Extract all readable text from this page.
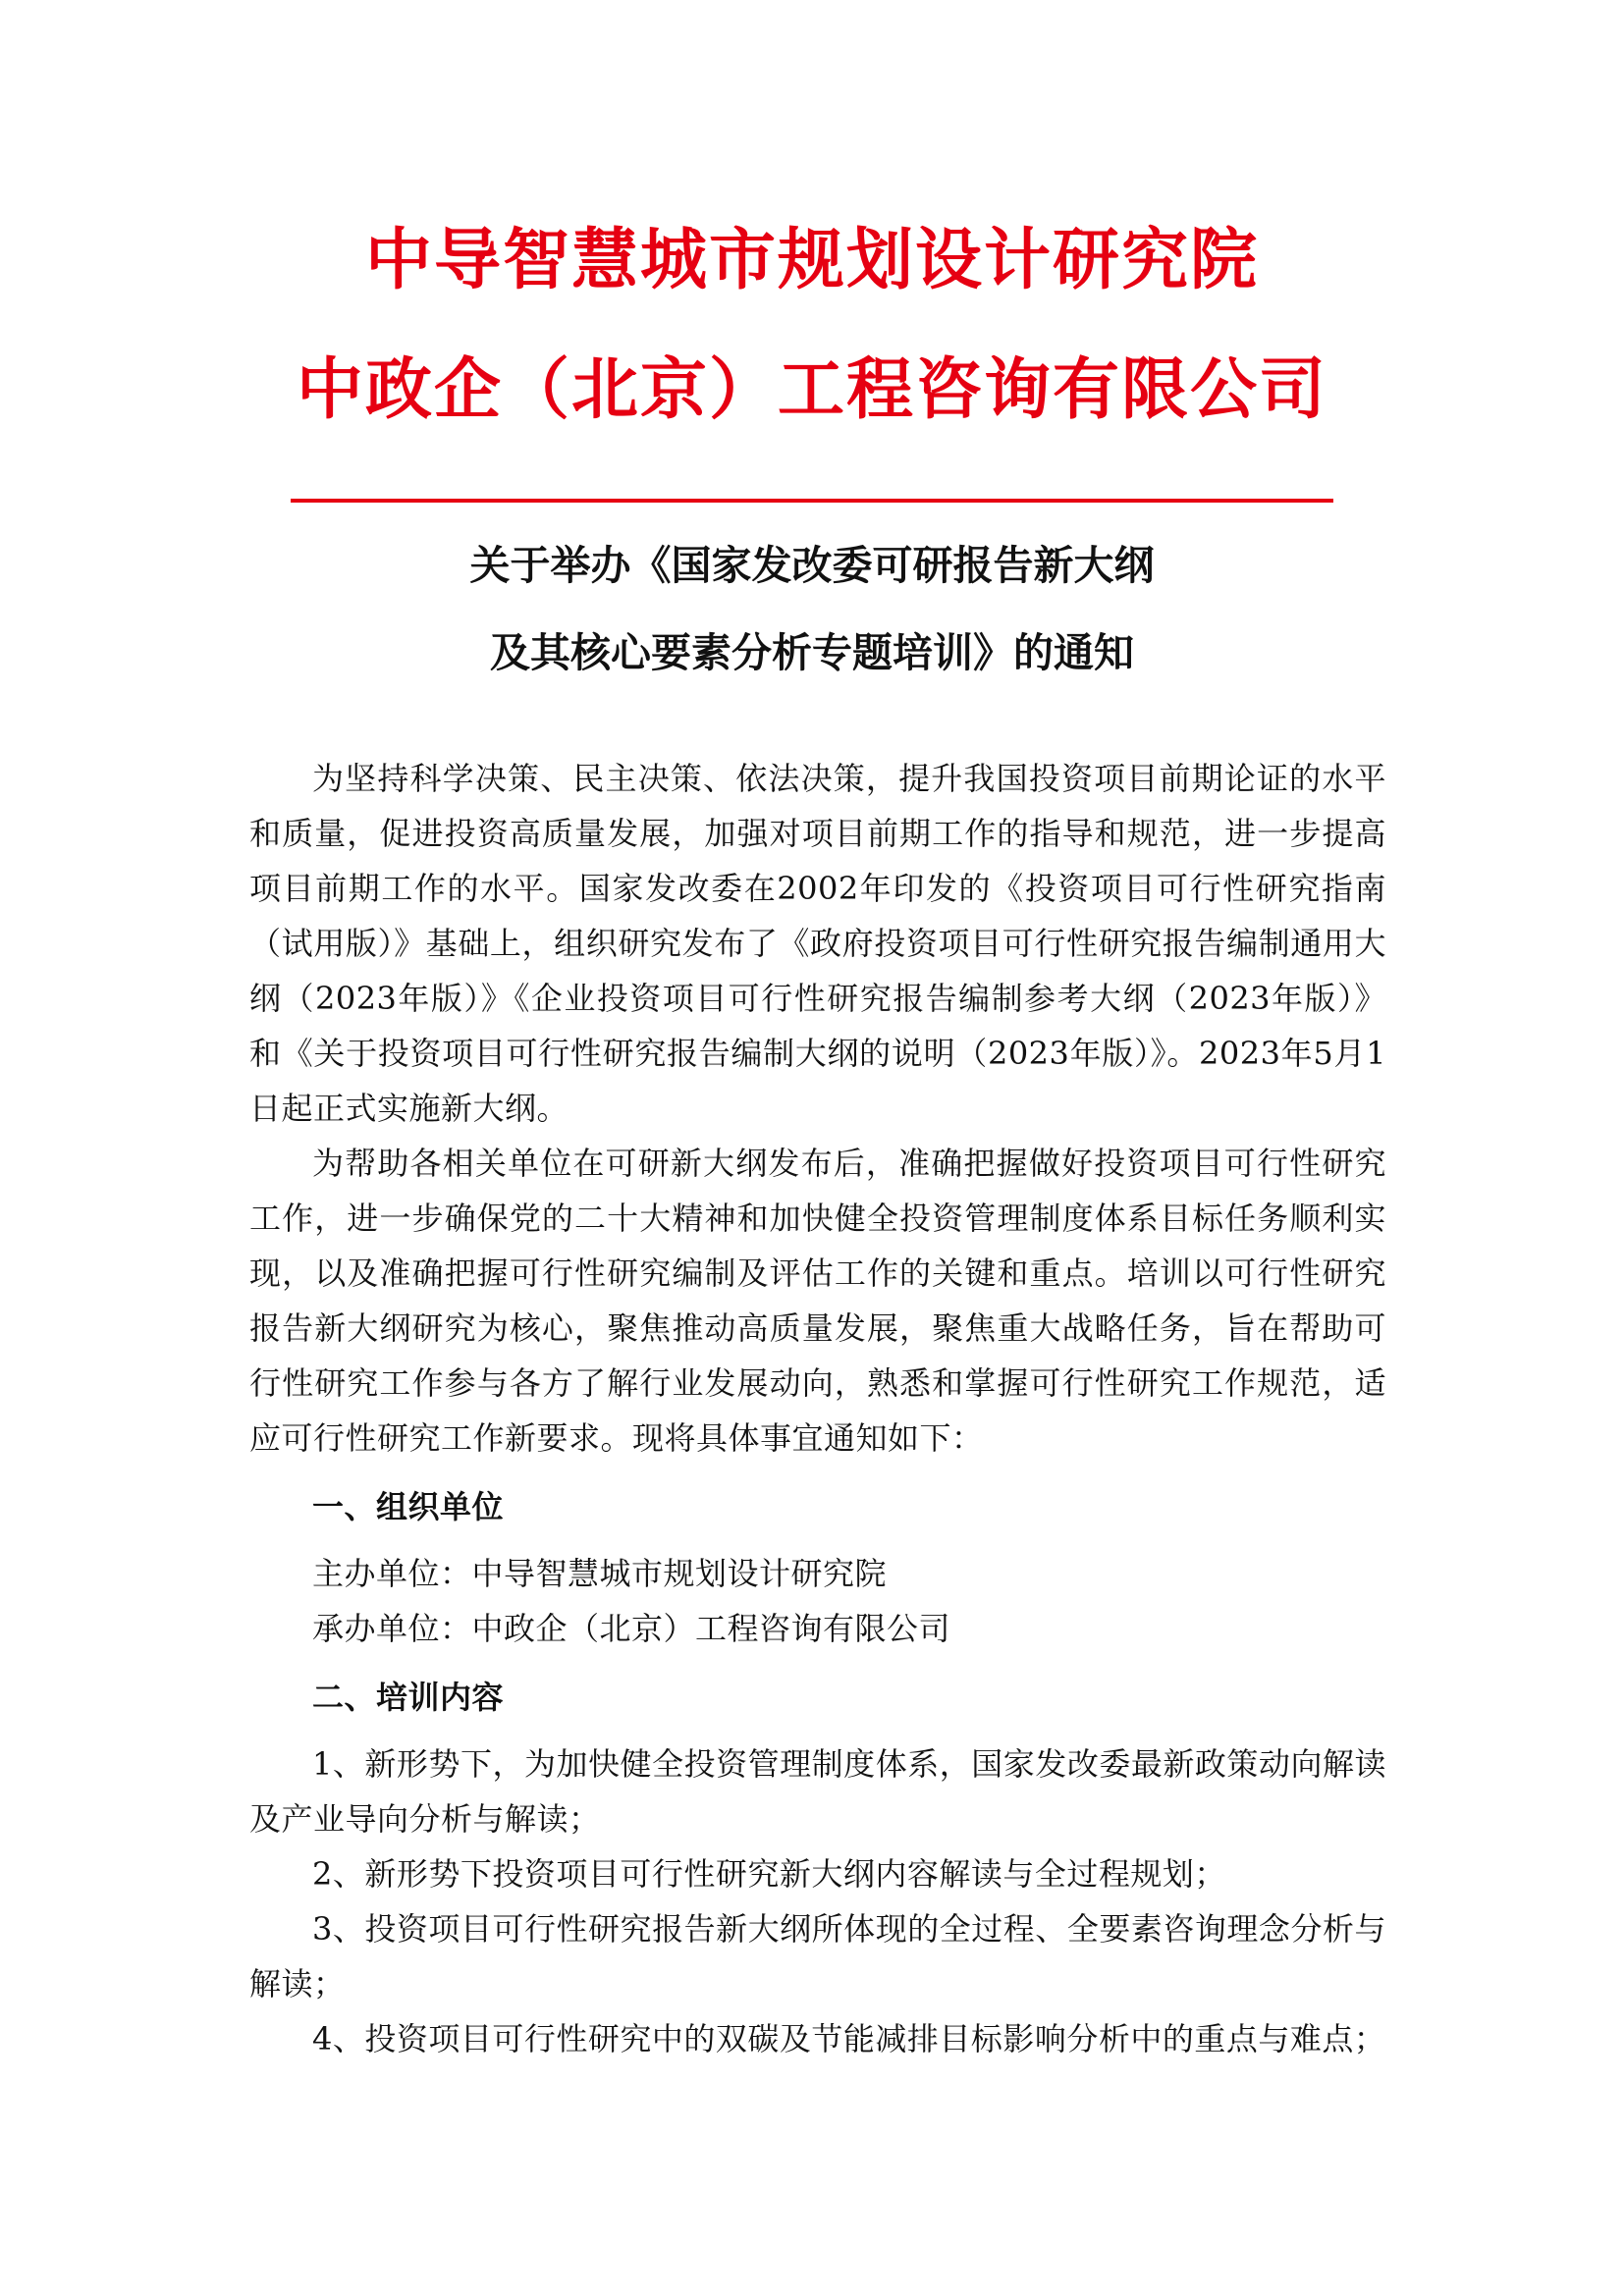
中导智慧城市规划设计研究院
中政企（北京）工程咨询有限公司
关于举办《国家发改委可研报告新大纲
及其核心要素分析专题培训》的通知

为坚持科学决策、民主决策、依法决策，提升我国投资项目前期论证的水平和质量，促进投资高质量发展，加强对项目前期工作的指导和规范，进一步提高项目前期工作的水平。国家发改委在2002年印发的《投资项目可行性研究指南（试用版）》基础上，组织研究发布了《政府投资项目可行性研究报告编制通用大纲（2023年版）》《企业投资项目可行性研究报告编制参考大纲（2023年版）》和《关于投资项目可行性研究报告编制大纲的说明（2023年版）》。2023年5月1日起正式实施新大纲。

为帮助各相关单位在可研新大纲发布后，准确把握做好投资项目可行性研究工作，进一步确保党的二十大精神和加快健全投资管理制度体系目标任务顺利实现，以及准确把握可行性研究编制及评估工作的关键和重点。培训以可行性研究报告新大纲研究为核心，聚焦推动高质量发展，聚焦重大战略任务，旨在帮助可行性研究工作参与各方了解行业发展动向，熟悉和掌握可行性研究工作规范，适应可行性研究工作新要求。现将具体事宜通知如下：

一、组织单位

主办单位：中导智慧城市规划设计研究院

承办单位：中政企（北京）工程咨询有限公司

二、培训内容

1、新形势下，为加快健全投资管理制度体系，国家发改委最新政策动向解读及产业导向分析与解读；

2、新形势下投资项目可行性研究新大纲内容解读与全过程规划；

3、投资项目可行性研究报告新大纲所体现的全过程、全要素咨询理念分析与解读；

4、投资项目可行性研究中的双碳及节能减排目标影响分析中的重点与难点；
